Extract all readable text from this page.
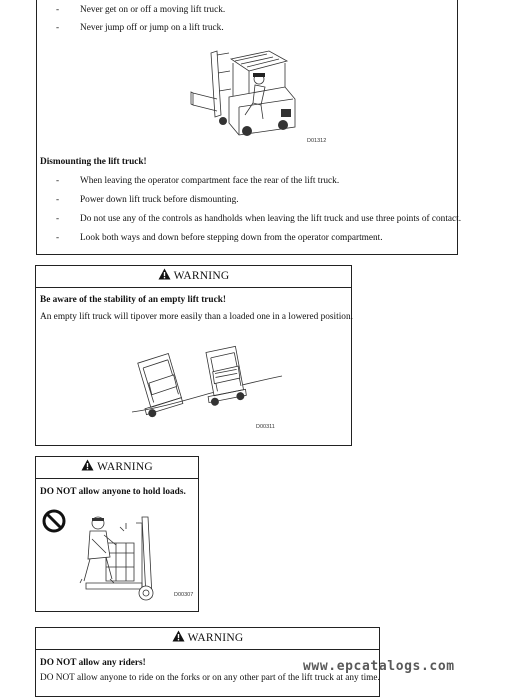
- Never get on or off a moving lift truck.
- Never jump off or jump on a lift truck.
D01312
Dismounting the lift truck!
- When leaving the operator compartment face the rear of the lift truck.
- Power down lift truck before dismounting.
- Do not use any of the controls as handholds when leaving the lift truck and use three points of contact.
- Look both ways and down before stepping down from the operator compartment.
WARNING
Be aware of the stability of an empty lift truck!
An empty lift truck will tipover more easily than a loaded one in a lowered position.
D00311
WARNING
DO NOT allow anyone to hold loads.
D00307
WARNING
DO NOT allow any riders!
DO NOT allow anyone to ride on the forks or on any other part of the lift truck at any time.
www.epcatalogs.com
